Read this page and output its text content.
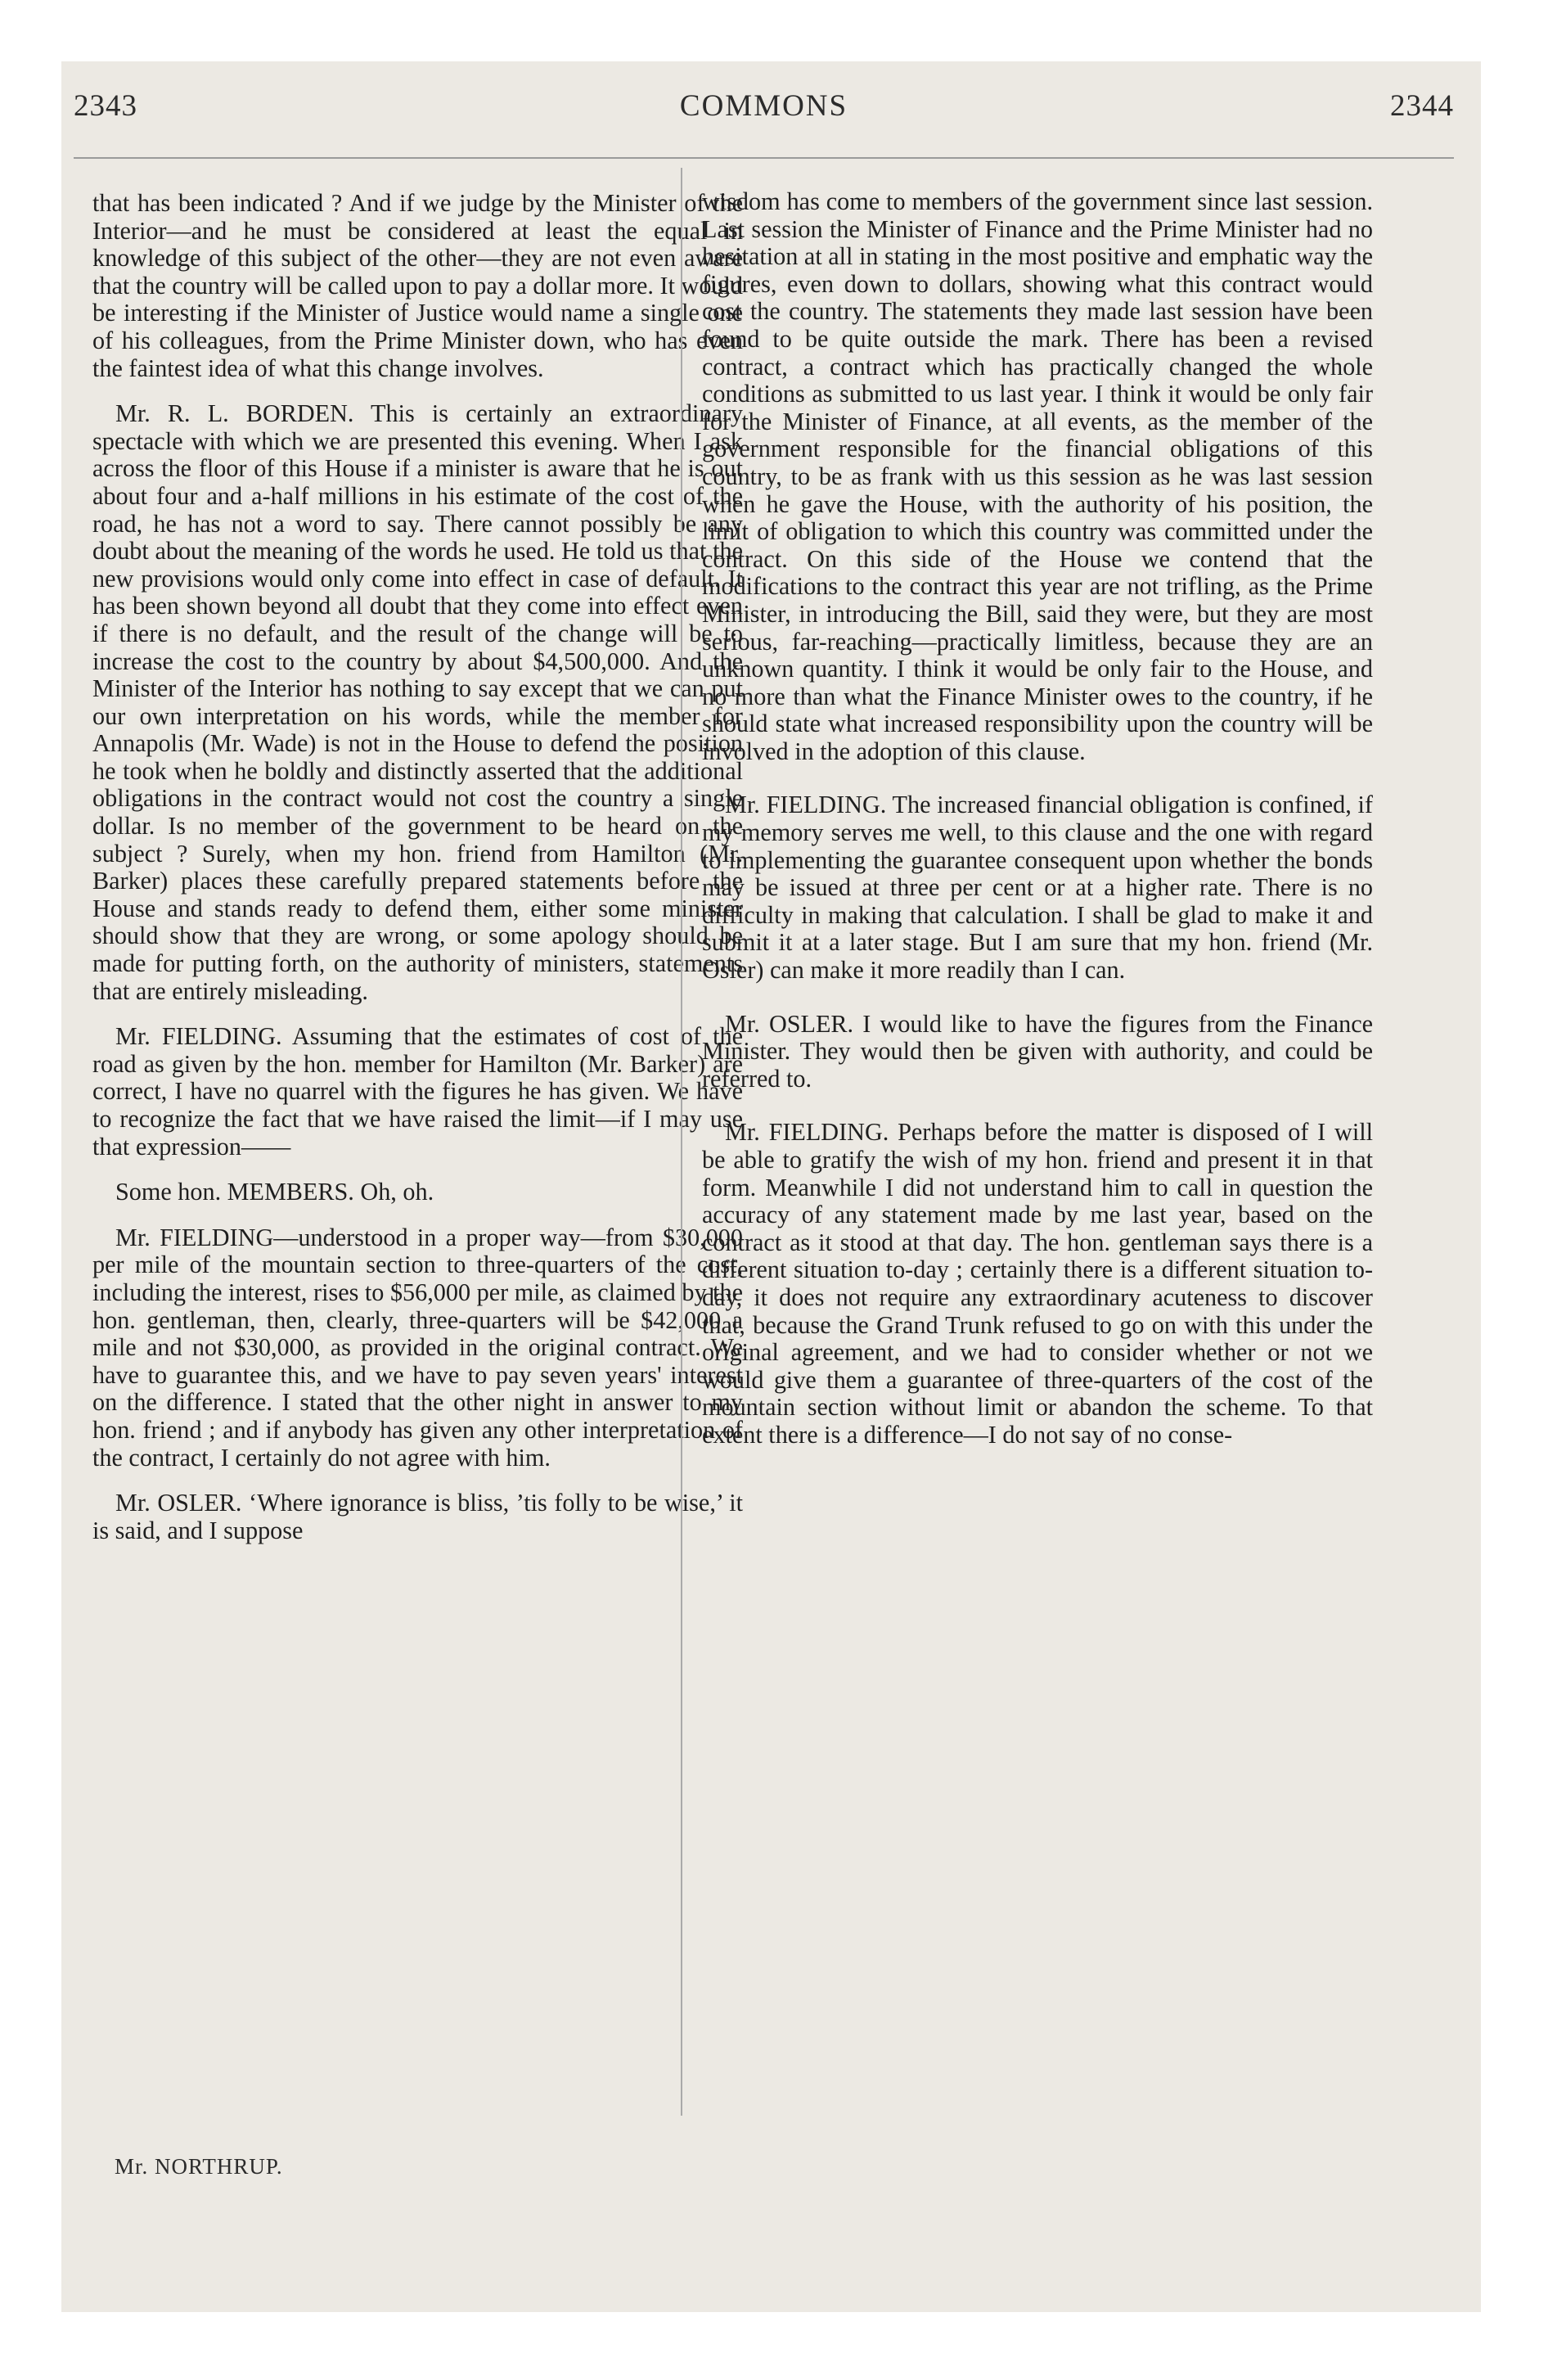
2343	COMMONS	2344

that has been indicated ? And if we judge by the Minister of the Interior—and he must be considered at least the equal in knowledge of this subject of the other—they are not even aware that the country will be called upon to pay a dollar more. It would be interesting if the Minister of Justice would name a single one of his colleagues, from the Prime Minister down, who has even the faintest idea of what this change involves.

Mr. R. L. BORDEN. This is certainly an extraordinary spectacle with which we are presented this evening. When I ask across the floor of this House if a minister is aware that he is out about four and a-half millions in his estimate of the cost of the road, he has not a word to say. There cannot possibly be any doubt about the meaning of the words he used. He told us that the new provisions would only come into effect in case of default. It has been shown beyond all doubt that they come into effect even if there is no default, and the result of the change will be to increase the cost to the country by about $4,500,000. And the Minister of the Interior has nothing to say except that we can put our own interpretation on his words, while the member for Annapolis (Mr. Wade) is not in the House to defend the position he took when he boldly and distinctly asserted that the additional obligations in the contract would not cost the country a single dollar. Is no member of the government to be heard on the subject ? Surely, when my hon. friend from Hamilton (Mr. Barker) places these carefully prepared statements before the House and stands ready to defend them, either some minister should show that they are wrong, or some apology should be made for putting forth, on the authority of ministers, statements that are entirely misleading.

Mr. FIELDING. Assuming that the estimates of cost of the road as given by the hon. member for Hamilton (Mr. Barker) are correct, I have no quarrel with the figures he has given. We have to recognize the fact that we have raised the limit—if I may use that expression——

Some hon. MEMBERS. Oh, oh.

Mr. FIELDING—understood in a proper way—from $30,000 per mile of the mountain section to three-quarters of the cost, including the interest, rises to $56,000 per mile, as claimed by the hon. gentleman, then, clearly, three-quarters will be $42,000 a mile and not $30,000, as provided in the original contract. We have to guarantee this, and we have to pay seven years' interest on the difference. I stated that the other night in answer to my hon. friend ; and if anybody has given any other interpretation of the contract, I certainly do not agree with him.

Mr. OSLER. ‘Where ignorance is bliss, ’tis folly to be wise,’ it is said, and I suppose

wisdom has come to members of the government since last session. Last session the Minister of Finance and the Prime Minister had no hesitation at all in stating in the most positive and emphatic way the figures, even down to dollars, showing what this contract would cost the country. The statements they made last session have been found to be quite outside the mark. There has been a revised contract, a contract which has practically changed the whole conditions as submitted to us last year. I think it would be only fair for the Minister of Finance, at all events, as the member of the government responsible for the financial obligations of this country, to be as frank with us this session as he was last session when he gave the House, with the authority of his position, the limit of obligation to which this country was committed under the contract. On this side of the House we contend that the modifications to the contract this year are not trifling, as the Prime Minister, in introducing the Bill, said they were, but they are most serious, far-reaching—practically limitless, because they are an unknown quantity. I think it would be only fair to the House, and no more than what the Finance Minister owes to the country, if he should state what increased responsibility upon the country will be involved in the adoption of this clause.

Mr. FIELDING. The increased financial obligation is confined, if my memory serves me well, to this clause and the one with regard to implementing the guarantee consequent upon whether the bonds may be issued at three per cent or at a higher rate. There is no difficulty in making that calculation. I shall be glad to make it and submit it at a later stage. But I am sure that my hon. friend (Mr. Osler) can make it more readily than I can.

Mr. OSLER. I would like to have the figures from the Finance Minister. They would then be given with authority, and could be referred to.

Mr. FIELDING. Perhaps before the matter is disposed of I will be able to gratify the wish of my hon. friend and present it in that form. Meanwhile I did not understand him to call in question the accuracy of any statement made by me last year, based on the contract as it stood at that day. The hon. gentleman says there is a different situation to-day ; certainly there is a different situation to-day, it does not require any extraordinary acuteness to discover that, because the Grand Trunk refused to go on with this under the original agreement, and we had to consider whether or not we would give them a guarantee of three-quarters of the cost of the mountain section without limit or abandon the scheme. To that extent there is a difference—I do not say of no conse-

Mr. NORTHRUP.
